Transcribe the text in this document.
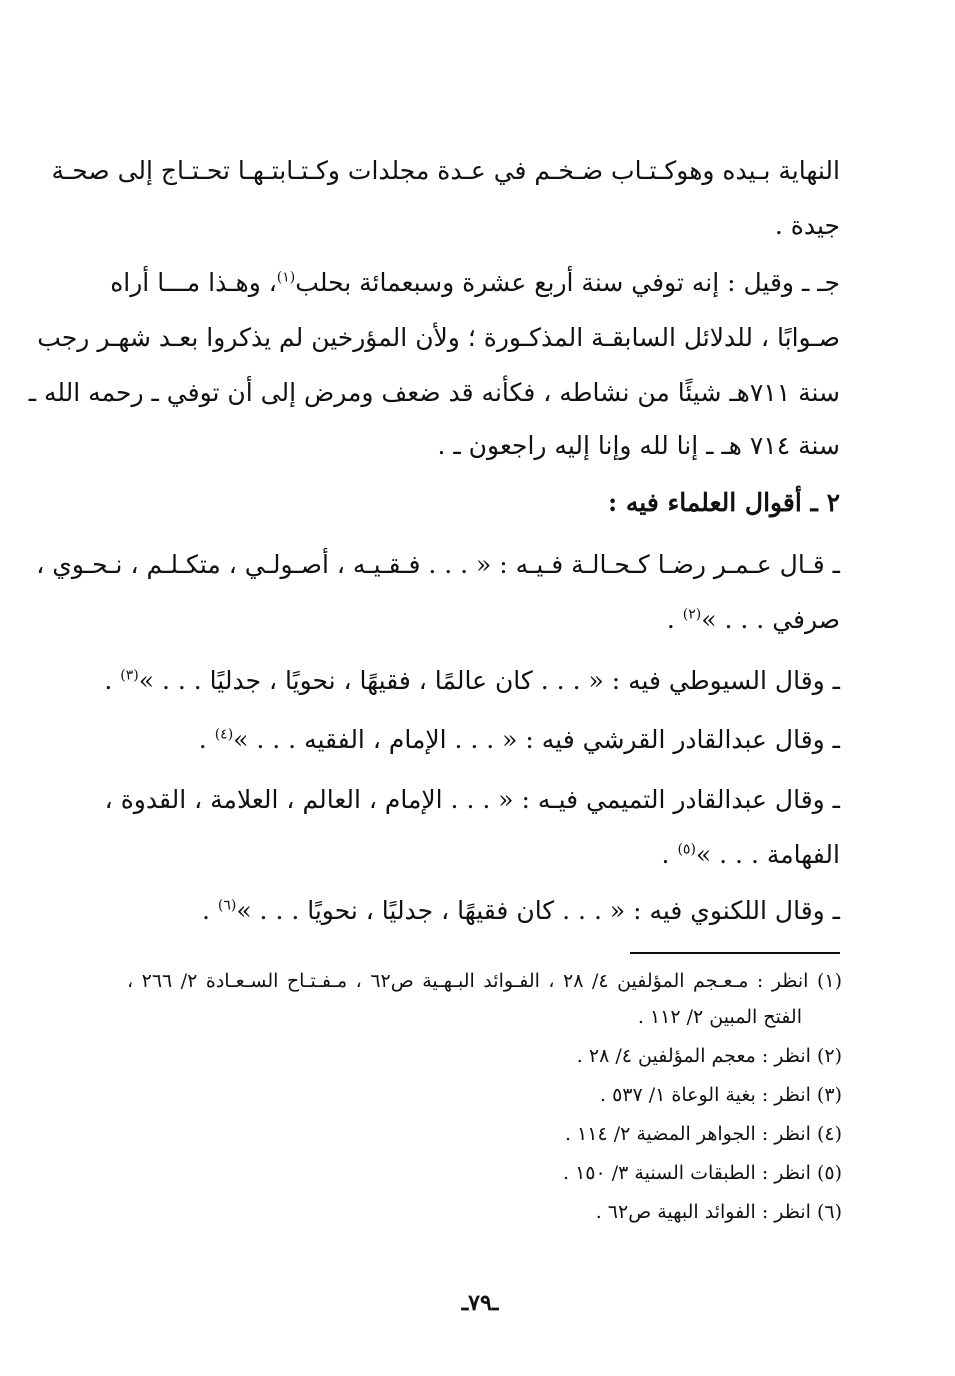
النهاية بـيده وهوكـتـاب ضـخـم في عـدة مجلدات وكـتـابتـهـا تحـتـاج إلى صحـة
جيدة .
جـ ـ وقيل : إنه توفي سنة أربع عشرة وسبعمائة بحلب$^{(١)}$، وهـذا مـــا أراه
صـوابًا ، للدلائل السابقـة المذكـورة ؛ ولأن المؤرخين لم يذكروا بعـد شهـر رجب
سنة ٧١١هـ شيئًا من نشاطه ، فكأنه قد ضعف ومرض إلى أن توفي ـ رحمه الله ـ
سنة ٧١٤ هـ ـ إنا لله وإنا إليه راجعون ـ .
٢ ـ أقوال العلماء فيه :
ـ قـال عـمـر رضـا كـحـالـة فـيـه : « . . . فـقـيـه ، أصـولـي ، متكـلـم ، نـحـوي ،
صرفي . . . »$^{(٢)}$ .
ـ وقال السيوطي فيه : « . . . كان عالمًا ، فقيهًا ، نحويًا ، جدليًا . . . »$^{(٣)}$ .
ـ وقال عبدالقادر القرشي فيه : « . . . الإمام ، الفقيه . . . »$^{(٤)}$ .
ـ وقال عبدالقادر التميمي فيـه : « . . . الإمام ، العالم ، العلامة ، القدوة ،
الفهامة . . . »$^{(٥)}$ .
ـ وقال اللكنوي فيه : « . . . كان فقيهًا ، جدليًا ، نحويًا . . . »$^{(٦)}$ .
(١) انظر : مـعـجم المؤلفين ٤/ ٢٨ ، الفـوائد البـهـية ص٦٢ ، مـفـتـاح السـعـادة ٢/ ٢٦٦ ،
الفتح المبين ٢/ ١١٢ .
(٢) انظر : معجم المؤلفين ٤/ ٢٨ .
(٣) انظر : بغية الوعاة ١/ ٥٣٧ .
(٤) انظر : الجواهر المضية ٢/ ١١٤ .
(٥) انظر : الطبقات السنية ٣/ ١٥٠ .
(٦) انظر : الفوائد البهية ص٦٢ .
ـ٧٩ـ
